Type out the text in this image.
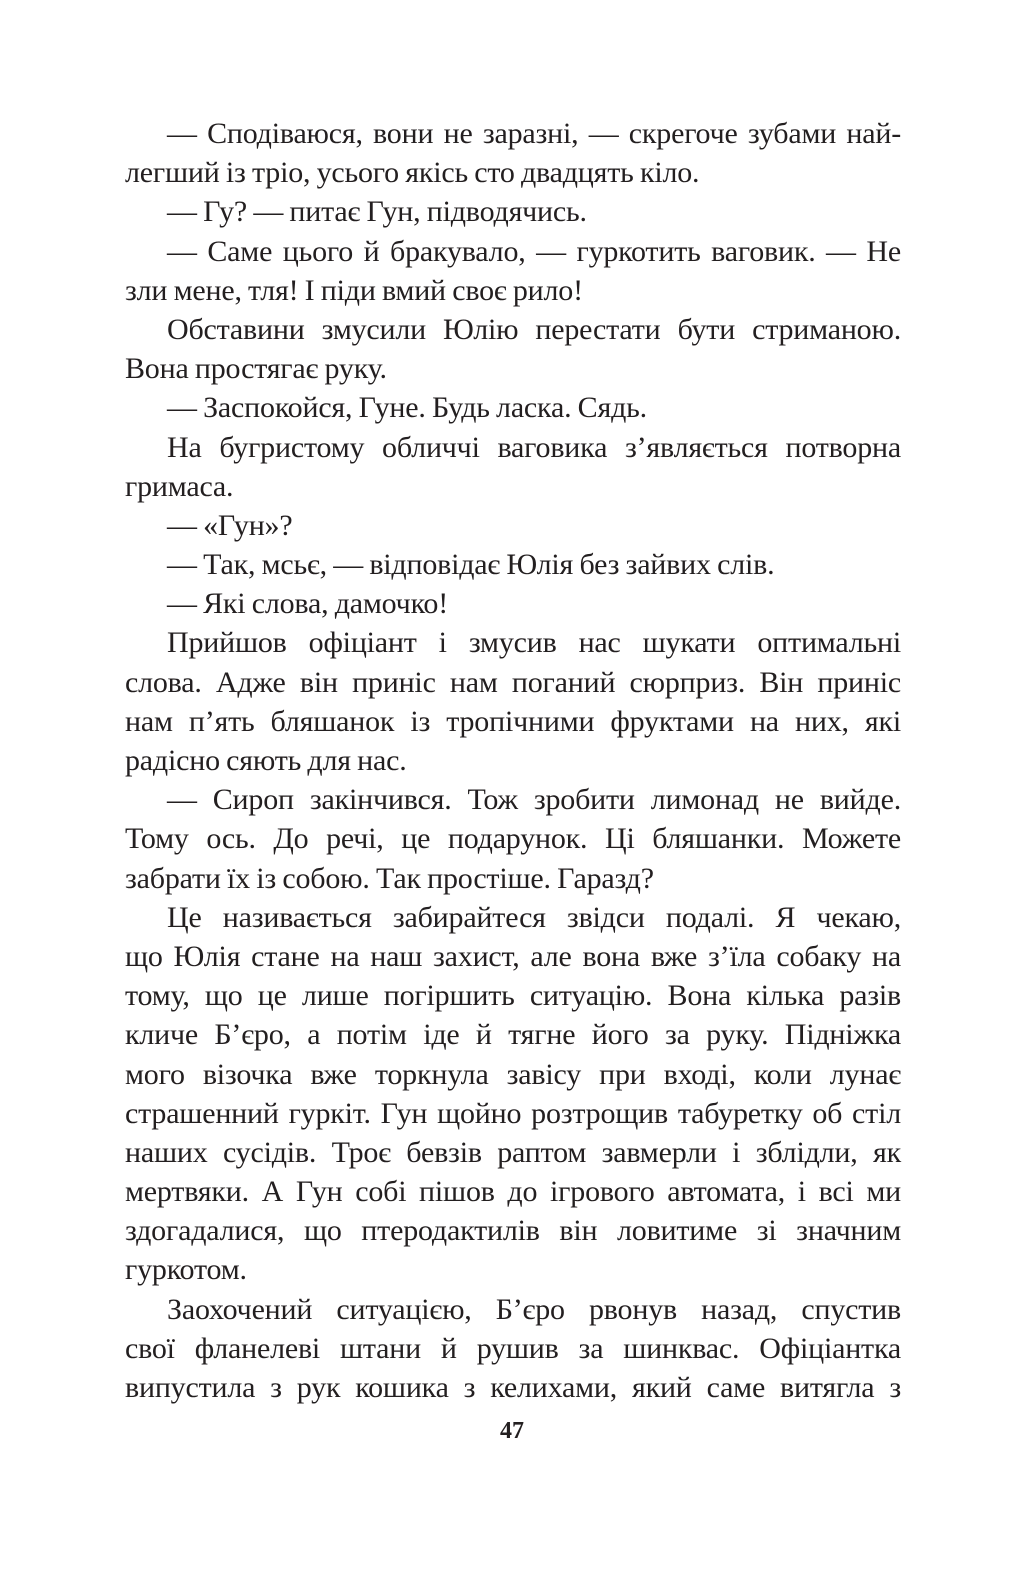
— Сподіваюся, вони не заразні, — скрегоче зубами най-
легший із тріо, усього якісь сто двадцять кіло.
— Гу? — питає Гун, підводячись.
— Саме цього й бракувало, — гуркотить ваговик. — Не
зли мене, тля! І піди вмий своє рило!
Обставини змусили Юлію перестати бути стриманою.
Вона простягає руку.
— Заспокойся, Гуне. Будь ласка. Сядь.
На бугристому обличчі ваговика з’являється потворна
гримаса.
— «Гун»?
— Так, мсьє, — відповідає Юлія без зайвих слів.
— Які слова, дамочко!
Прийшов офіціант і змусив нас шукати оптимальні
слова. Адже він приніс нам поганий сюрприз. Він приніс
нам п’ять бляшанок із тропічними фруктами на них, які
радісно сяють для нас.
— Сироп закінчився. Тож зробити лимонад не вийде.
Тому ось. До речі, це подарунок. Ці бляшанки. Можете
забрати їх із собою. Так простіше. Гаразд?
Це називається забирайтеся звідси подалі. Я чекаю,
що Юлія стане на наш захист, але вона вже з’їла собаку на
тому, що це лише погіршить ситуацію. Вона кілька разів
кличе Б’єро, а потім іде й тягне його за руку. Підніжка
мого візочка вже торкнула завісу при вході, коли лунає
страшенний гуркіт. Гун щойно розтрощив табуретку об стіл
наших сусідів. Троє бевзів раптом завмерли і зблідли, як
мертвяки. А Гун собі пішов до ігрового автомата, і всі ми
здогадалися, що птеродактилів він ловитиме зі значним
гуркотом.
Заохочений ситуацією, Б’єро рвонув назад, спустив
свої фланелеві штани й рушив за шинквас. Офіціантка
випустила з рук кошика з келихами, який саме витягла з
47
